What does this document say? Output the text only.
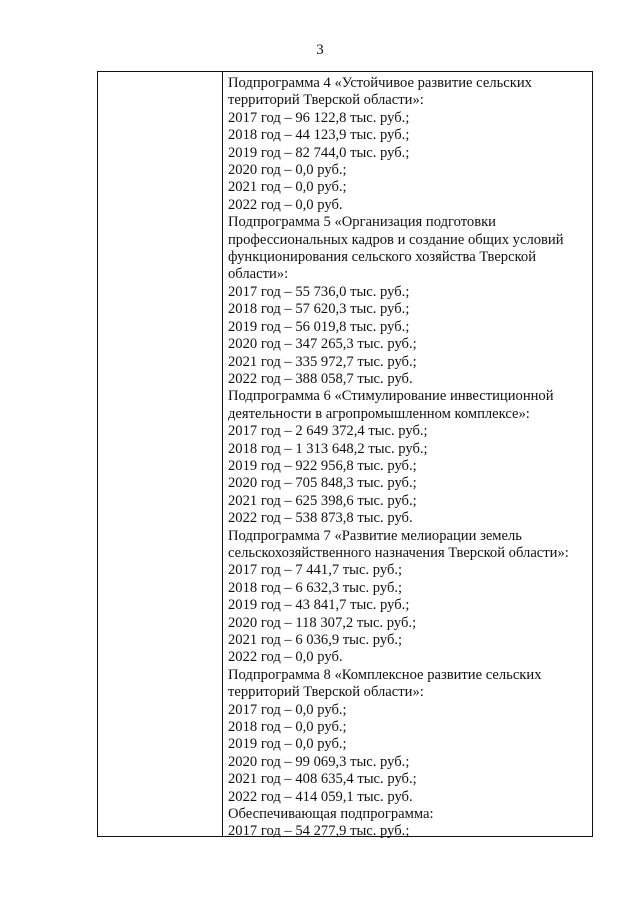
3
Подпрограмма 4 «Устойчивое развитие сельских
территорий Тверской области»:
2017 год – 96 122,8 тыс. руб.;
2018 год – 44 123,9 тыс. руб.;
2019 год – 82 744,0 тыс. руб.;
2020 год – 0,0 руб.;
2021 год – 0,0 руб.;
2022 год – 0,0 руб.
Подпрограмма 5 «Организация подготовки
профессиональных кадров и создание общих условий
функционирования сельского хозяйства Тверской
области»:
2017 год – 55 736,0 тыс. руб.;
2018 год – 57 620,3 тыс. руб.;
2019 год – 56 019,8 тыс. руб.;
2020 год – 347 265,3 тыс. руб.;
2021 год – 335 972,7 тыс. руб.;
2022 год – 388 058,7 тыс. руб.
Подпрограмма 6 «Стимулирование инвестиционной
деятельности в агропромышленном комплексе»:
2017 год – 2 649 372,4 тыс. руб.;
2018 год – 1 313 648,2 тыс. руб.;
2019 год – 922 956,8 тыс. руб.;
2020 год – 705 848,3 тыс. руб.;
2021 год – 625 398,6 тыс. руб.;
2022 год – 538 873,8 тыс. руб.
Подпрограмма 7 «Развитие мелиорации земель
сельскохозяйственного назначения Тверской области»:
2017 год – 7 441,7 тыс. руб.;
2018 год – 6 632,3 тыс. руб.;
2019 год – 43 841,7 тыс. руб.;
2020 год – 118 307,2 тыс. руб.;
2021 год – 6 036,9 тыс. руб.;
2022 год – 0,0 руб.
Подпрограмма 8 «Комплексное развитие сельских
территорий Тверской области»:
2017 год – 0,0 руб.;
2018 год – 0,0 руб.;
2019 год – 0,0 руб.;
2020 год – 99 069,3 тыс. руб.;
2021 год – 408 635,4 тыс. руб.;
2022 год – 414 059,1 тыс. руб.
Обеспечивающая подпрограмма:
2017 год – 54 277,9 тыс. руб.;
